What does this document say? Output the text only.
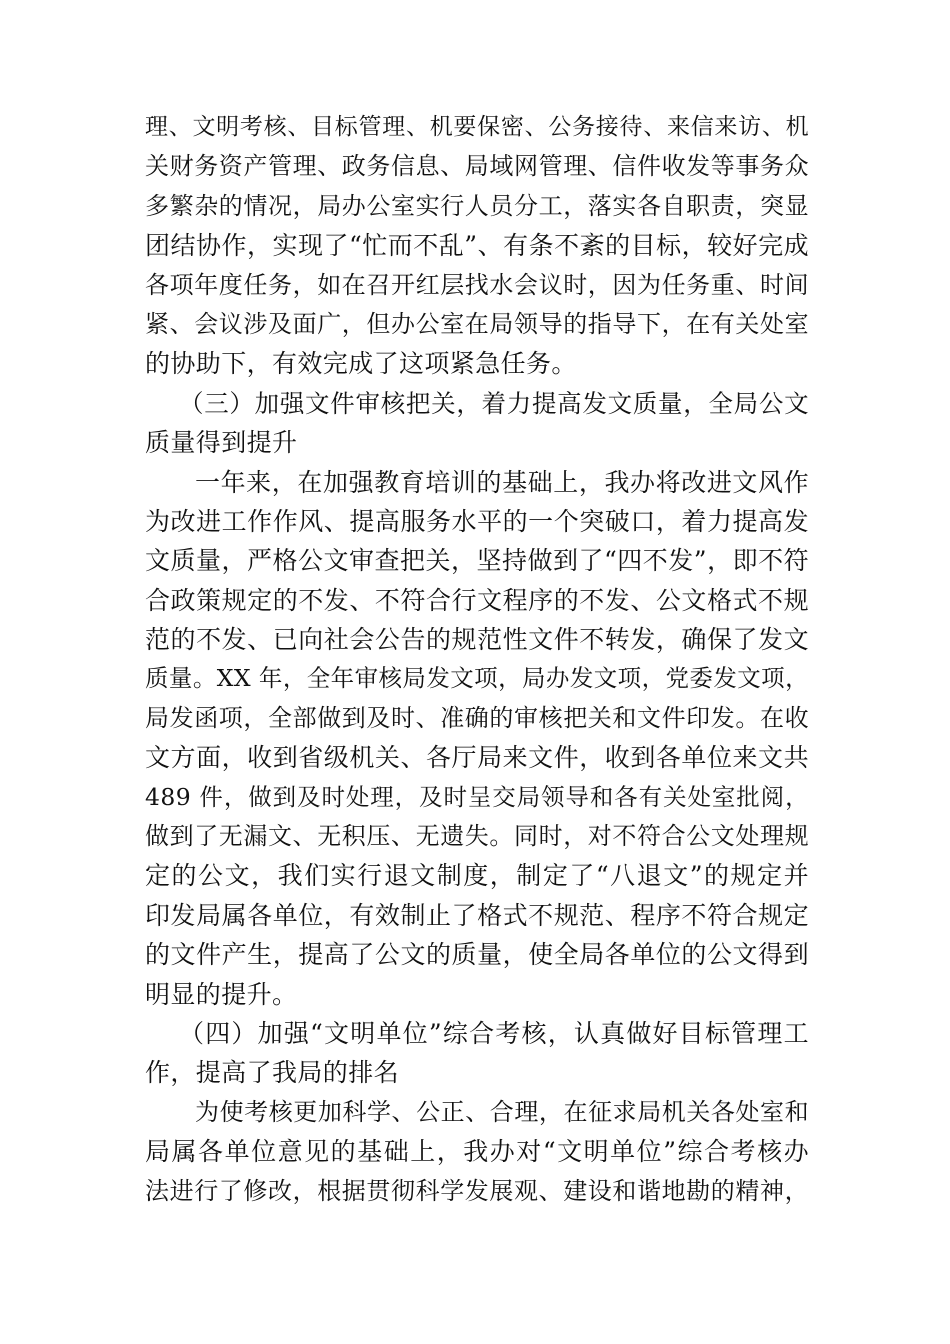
理、文明考核、目标管理、机要保密、公务接待、来信来访、机
关财务资产管理、政务信息、局域网管理、信件收发等事务众
多繁杂的情况，局办公室实行人员分工，落实各自职责，突显
团结协作，实现了“忙而不乱”、有条不紊的目标，较好完成
各项年度任务，如在召开红层找水会议时，因为任务重、时间
紧、会议涉及面广，但办公室在局领导的指导下，在有关处室
的协助下，有效完成了这项紧急任务。
（三）加强文件审核把关，着力提高发文质量，全局公文
质量得到提升
一年来，在加强教育培训的基础上，我办将改进文风作
为改进工作作风、提高服务水平的一个突破口，着力提高发
文质量，严格公文审查把关，坚持做到了“四不发”，即不符
合政策规定的不发、不符合行文程序的不发、公文格式不规
范的不发、已向社会公告的规范性文件不转发，确保了发文
质量。XX 年，全年审核局发文项，局办发文项，党委发文项，
局发函项，全部做到及时、准确的审核把关和文件印发。在收
文方面，收到省级机关、各厅局来文件，收到各单位来文共
489 件，做到及时处理，及时呈交局领导和各有关处室批阅，
做到了无漏文、无积压、无遗失。同时，对不符合公文处理规
定的公文，我们实行退文制度，制定了“八退文”的规定并
印发局属各单位，有效制止了格式不规范、程序不符合规定
的文件产生，提高了公文的质量，使全局各单位的公文得到
明显的提升。
（四）加强“文明单位”综合考核，认真做好目标管理工
作，提高了我局的排名
为使考核更加科学、公正、合理，在征求局机关各处室和
局属各单位意见的基础上，我办对“文明单位”综合考核办
法进行了修改，根据贯彻科学发展观、建设和谐地勘的精神，
